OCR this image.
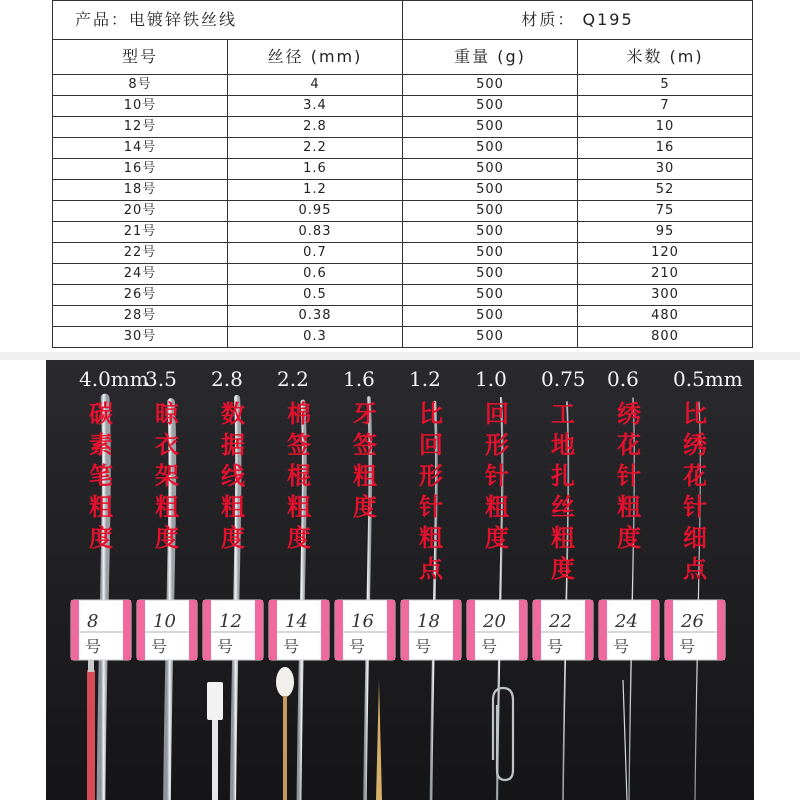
产品：电镀锌铁丝线		材质： Q195	
型号	丝径 (mm)	重量 (g)	米数 (m)
8号	4	500	5
10号	3.4	500	7
12号	2.8	500	10
14号	2.2	500	16
16号	1.6	500	30
18号	1.2	500	52
20号	0.95	500	75
21号	0.83	500	95
22号	0.7	500	120
24号	0.6	500	210
26号	0.5	500	300
28号	0.38	500	480
30号	0.3	500	800
4.0mm
碳
素
笔
粗
度
8
号
3.5
晾
衣
架
粗
度
10
号
2.8
数
据
线
粗
度
12
号
2.2
棉
签
棍
粗
度
14
号
1.6
牙
签
粗
度
16
号
1.2
比
回
形
针
粗
点
18
号
1.0
回
形
针
粗
度
20
号
0.75
工
地
扎
丝
粗
度
22
号
0.6
绣
花
针
粗
度
24
号
0.5mm
比
绣
花
针
细
点
26
号
